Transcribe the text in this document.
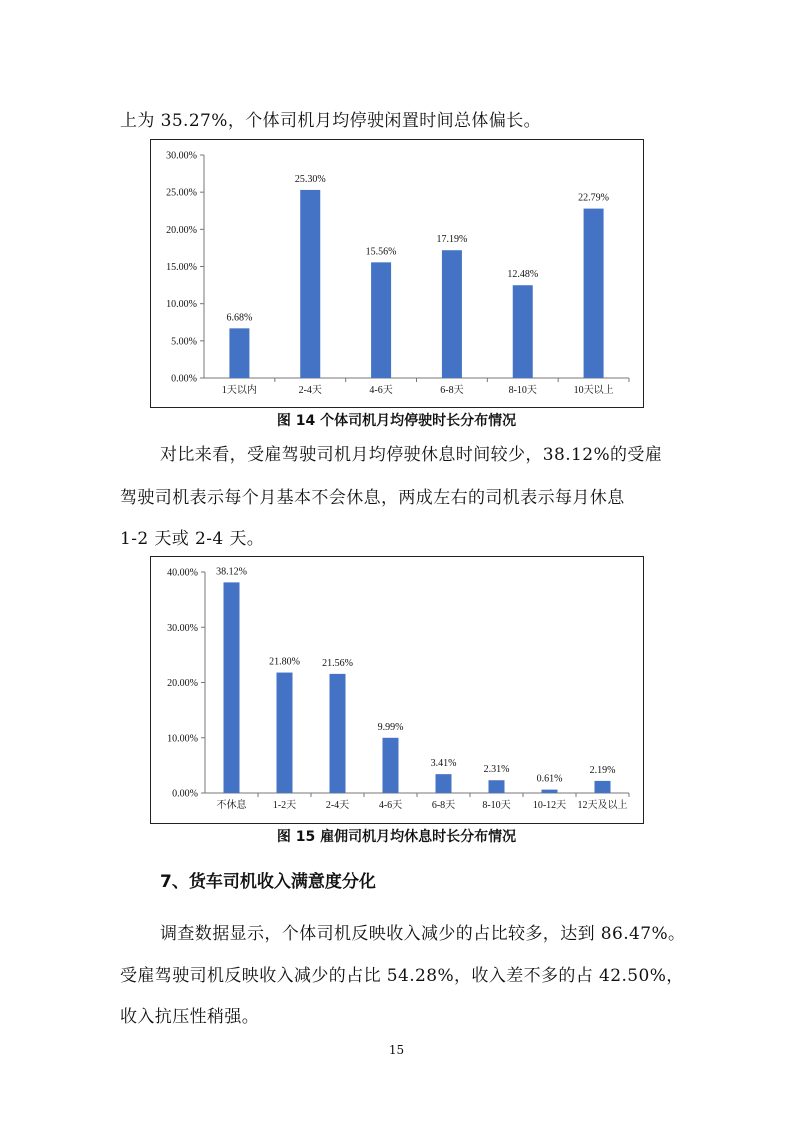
上为 35.27%，个体司机月均停驶闲置时间总体偏长。
0.00%
5.00%
10.00%
15.00%
20.00%
25.00%
30.00%
6.68%
1天以内
25.30%
2-4天
15.56%
4-6天
17.19%
6-8天
12.48%
8-10天
22.79%
10天以上
图 14 个体司机月均停驶时长分布情况
对比来看，受雇驾驶司机月均停驶休息时间较少，38.12%的受雇
驾驶司机表示每个月基本不会休息，两成左右的司机表示每月休息
1-2 天或 2-4 天。
0.00%
10.00%
20.00%
30.00%
40.00% 38.12%
不休息
21.80%
1-2天
21.56%
2-4天
9.99%
4-6天
3.41%
6-8天
2.31%
8-10天
0.61%
10-12天
2.19%
12天及以上
图 15 雇佣司机月均休息时长分布情况
7、货车司机收入满意度分化
调查数据显示，个体司机反映收入减少的占比较多，达到 86.47%。
受雇驾驶司机反映收入减少的占比 54.28%，收入差不多的占 42.50%，
收入抗压性稍强。
15
